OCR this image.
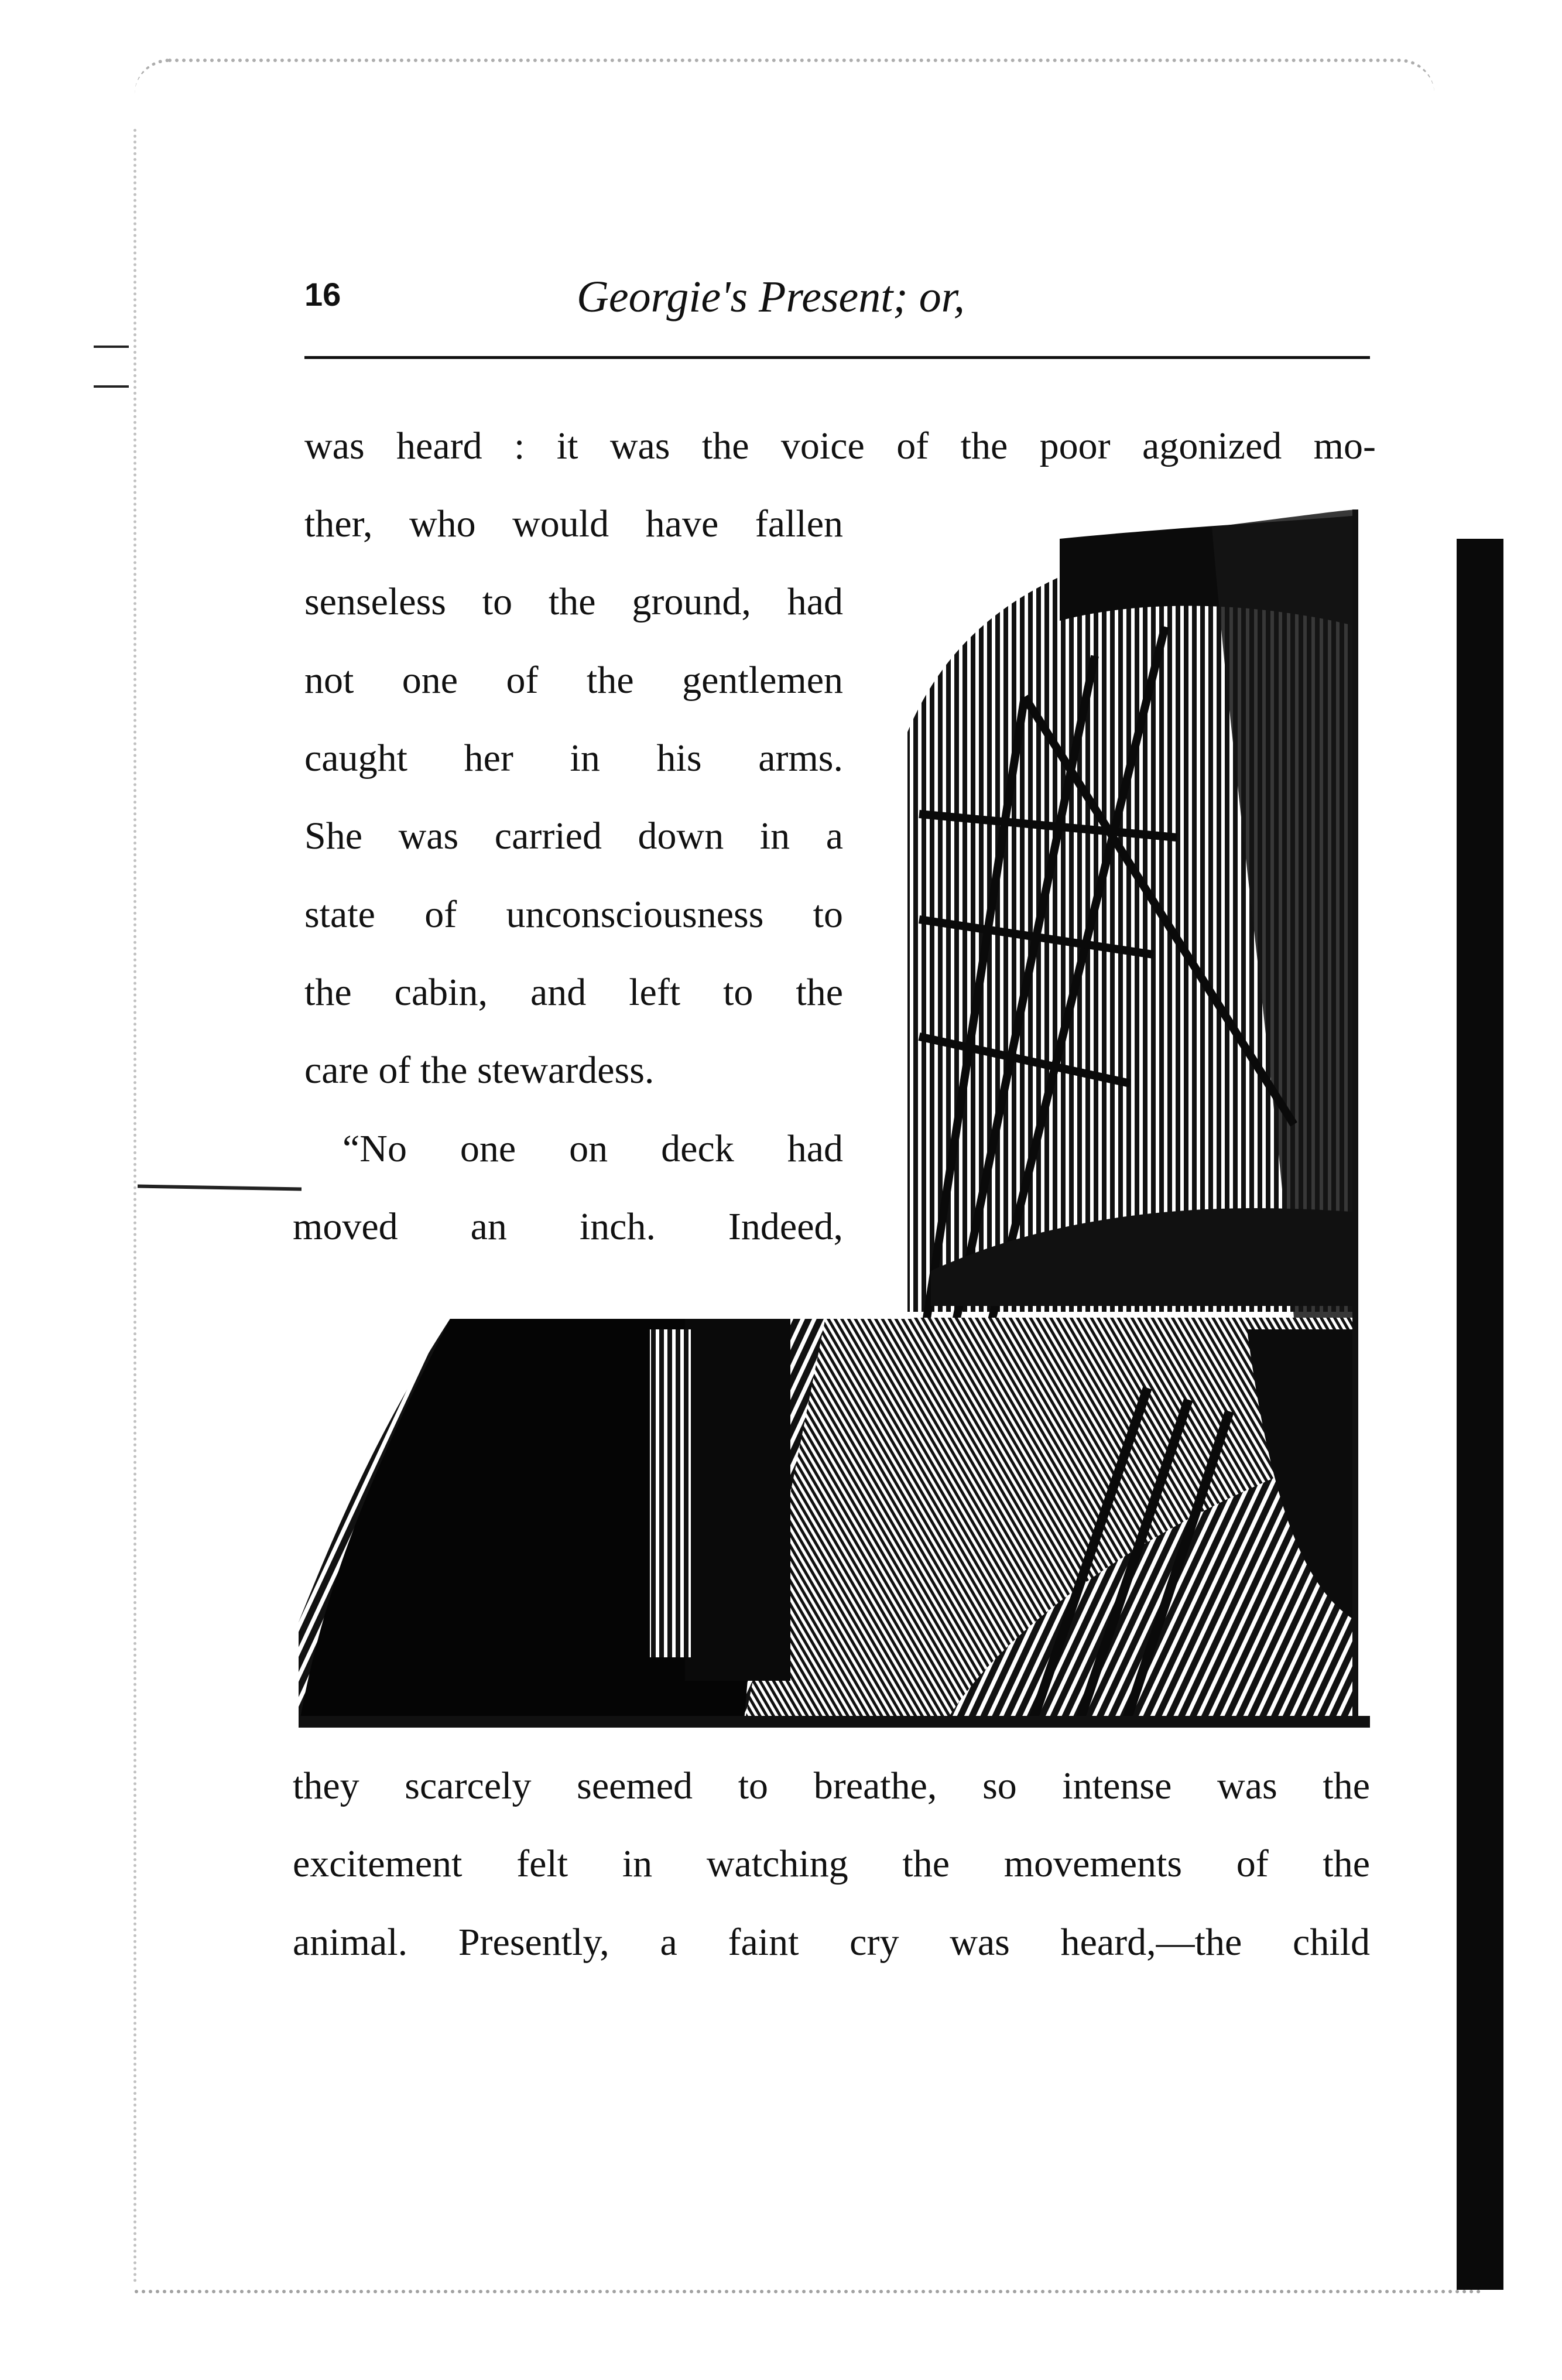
16	Georgie's Present; or,
was heard : it was the voice of the poor agonized mo-
ther, who would have fallen
senseless to the ground, had
not one of the gentlemen
caught her in his arms.
She was carried down in a
state of unconsciousness to
the cabin, and left to the
care of the stewardess.
“No one on deck had
moved an inch. Indeed,
they scarcely seemed to breathe, so intense was the
excitement felt in watching the movements of the
animal. Presently, a faint cry was heard,—the child
